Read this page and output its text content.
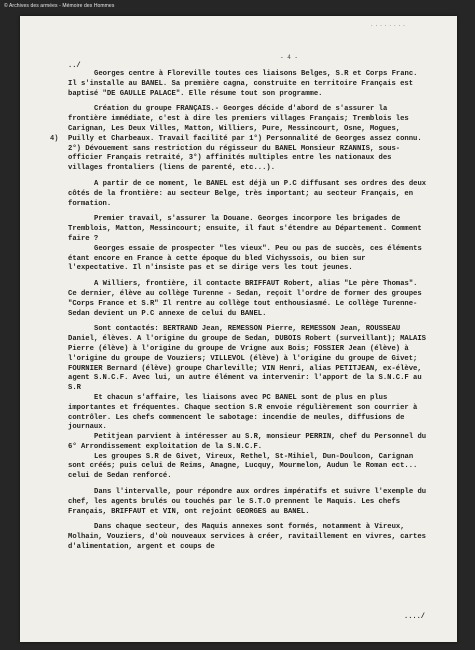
© Archives des armées - Mémoire des Hommes
........
../
- 4 -
4)

Georges centre à Floreville toutes ces liaisons Belges, S.R et Corps Franc. Il s'installe au BANEL. Sa première cagna, construite en territoire Français est baptisé "DE GAULLE PALACE". Elle résume tout son programme.

Création du groupe FRANÇAIS.- Georges décide d'abord de s'assurer la frontière immédiate, c'est à dire les premiers villages Français; Tremblois les Carignan, Les Deux Villes, Matton, Williers, Pure, Messincourt, Osne, Mogues, Puilly et Charbeaux. Travail facilité par 1°) Personnalité de Georges assez connu. 2°) Dévouement sans restriction du régisseur du BANEL Monsieur RZANNIS, sous-officier Français retraité, 3°) affinités multiples entre les nationaux des villages frontaliers (liens de parenté, etc...).

A partir de ce moment, le BANEL est déjà un P.C diffusant ses ordres des deux côtés de la frontière: au secteur Belge, très important; au secteur Français, en formation.

Premier travail, s'assurer la Douane. Georges incorpore les brigades de Tremblois, Matton, Messincourt; ensuite, il faut s'étendre au Département. Comment faire ?

Georges essaie de prospecter "les vieux". Peu ou pas de succès, ces éléments étant encore en France à cette époque du bled Vichyssois, ou bien sur l'expectative. Il n'insiste pas et se dirige vers les tout jeunes.

A Williers, frontière, il contacte BRIFFAUT Robert, alias "Le père Thomas". Ce dernier, élève au collège Turenne - Sedan, reçoit l'ordre de former des groupes "Corps France et S.R" Il rentre au collège tout enthousiasmé. Le collège Turenne-Sedan devient un P.C annexe de celui du BANEL.

Sont contactés: BERTRAND Jean, REMESSON Pierre, REMESSON Jean, ROUSSEAU Daniel, élèves. A l'origine du groupe de Sedan, DUBOIS Robert (surveillant); MALAIS Pierre (élève) à l'origine du groupe de Vrigne aux Bois; FOSSIER Jean (élève) à l'origine du groupe de Vouziers; VILLEVOL (élève) à l'origine du groupe de Givet; FOURNIER Bernard (élève) groupe Charleville; VIN Henri, alias PETITJEAN, ex-élève, agent S.N.C.F. Avec lui, un autre élément va intervenir: l'apport de la S.N.C.F au S.R

Et chacun s'affaire, les liaisons avec PC BANEL sont de plus en plus importantes et fréquentes. Chaque section S.R envoie régulièrement son courrier à contrôler. Les chefs commencent le sabotage: incendie de meules, diffusions de journaux.

Petitjean parvient à intéresser au S.R, monsieur PERRIN, chef du Personnel du 6° Arrondissement exploitation de la S.N.C.F.

Les groupes S.R de Givet, Vireux, Rethel, St-Mihiel, Dun-Doulcon, Carignan sont créés; puis celui de Reims, Amagne, Lucquy, Mourmelon, Audun le Roman ect... celui de Sedan renforcé.

Dans l'intervalle, pour répondre aux ordres impératifs et suivre l'exemple du chef, les agents brulés ou touchés par le S.T.O prennent le Maquis. Les chefs Français, BRIFFAUT et VIN, ont rejoint GEORGES au BANEL.

Dans chaque secteur, des Maquis annexes sont formés, notamment à Vireux, Molhain, Vouziers, d'où nouveaux services à créer, ravitaillement en vivres, cartes d'alimentation, argent et coups de

..../
